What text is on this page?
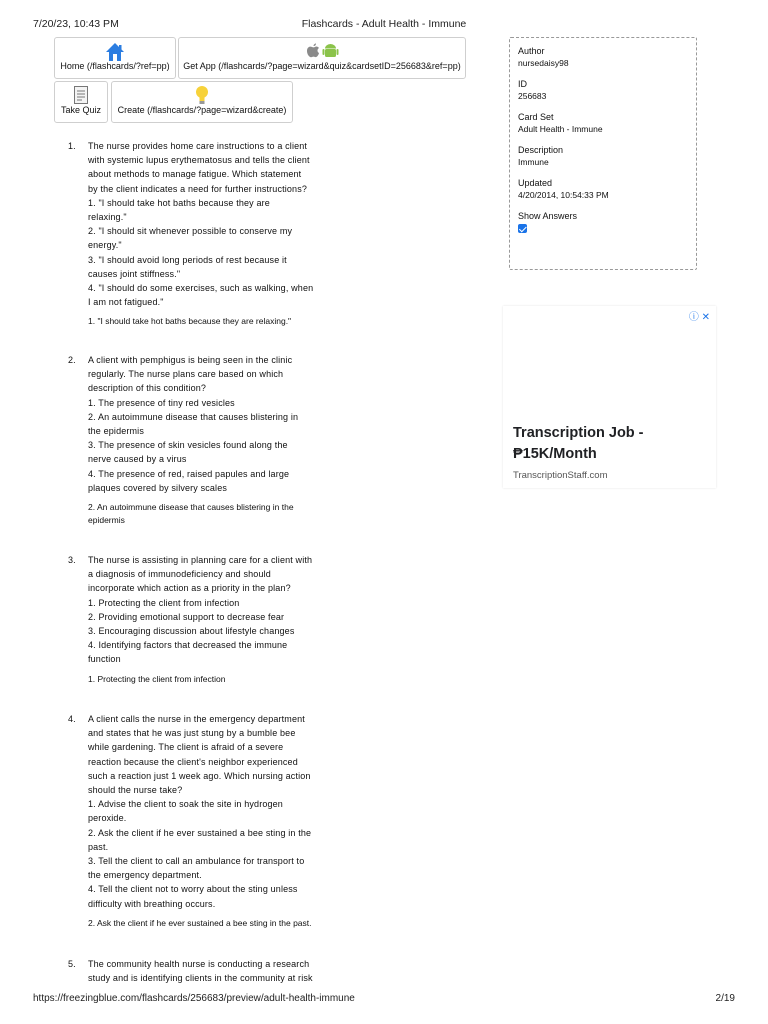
7/20/23, 10:43 PM	Flashcards - Adult Health - Immune
https://freezingblue.com/flashcards/256683/preview/adult-health-immune	2/19
Home (/flashcards/?ref=pp)	Get App (/flashcards/?page=wizard&quiz&cardsetID=256683&ref=pp)
Take Quiz	Create (/flashcards/?page=wizard&create)
1. The nurse provides home care instructions to a client
with systemic lupus erythematosus and tells the client
about methods to manage fatigue. Which statement
by the client indicates a need for further instructions?
1. "I should take hot baths because they are
relaxing."
2. "I should sit whenever possible to conserve my
energy."
3. "I should avoid long periods of rest because it
causes joint stiffness."
4. "I should do some exercises, such as walking, when
I am not fatigued."
1. "I should take hot baths because they are relaxing."
2. A client with pemphigus is being seen in the clinic
regularly. The nurse plans care based on which
description of this condition?
1. The presence of tiny red vesicles
2. An autoimmune disease that causes blistering in
the epidermis
3. The presence of skin vesicles found along the
nerve caused by a virus
4. The presence of red, raised papules and large
plaques covered by silvery scales
2. An autoimmune disease that causes blistering in the epidermis
3. The nurse is assisting in planning care for a client with
a diagnosis of immunodeficiency and should
incorporate which action as a priority in the plan?
1. Protecting the client from infection
2. Providing emotional support to decrease fear
3. Encouraging discussion about lifestyle changes
4. Identifying factors that decreased the immune
function
1. Protecting the client from infection
4. A client calls the nurse in the emergency department
and states that he was just stung by a bumble bee
while gardening. The client is afraid of a severe
reaction because the client's neighbor experienced
such a reaction just 1 week ago. Which nursing action
should the nurse take?
1. Advise the client to soak the site in hydrogen
peroxide.
2. Ask the client if he ever sustained a bee sting in the
past.
3. Tell the client to call an ambulance for transport to
the emergency department.
4. Tell the client not to worry about the sting unless
difficulty with breathing occurs.
2. Ask the client if he ever sustained a bee sting in the past.
5. The community health nurse is conducting a research
study and is identifying clients in the community at risk
Author
nursedaisy98
ID
256683
Card Set
Adult Health - Immune
Description
Immune
Updated
4/20/2014, 10:54:33 PM
Show Answers
ⓘ ✕
Transcription Job - ₱15K/Month
TranscriptionStaff.com
